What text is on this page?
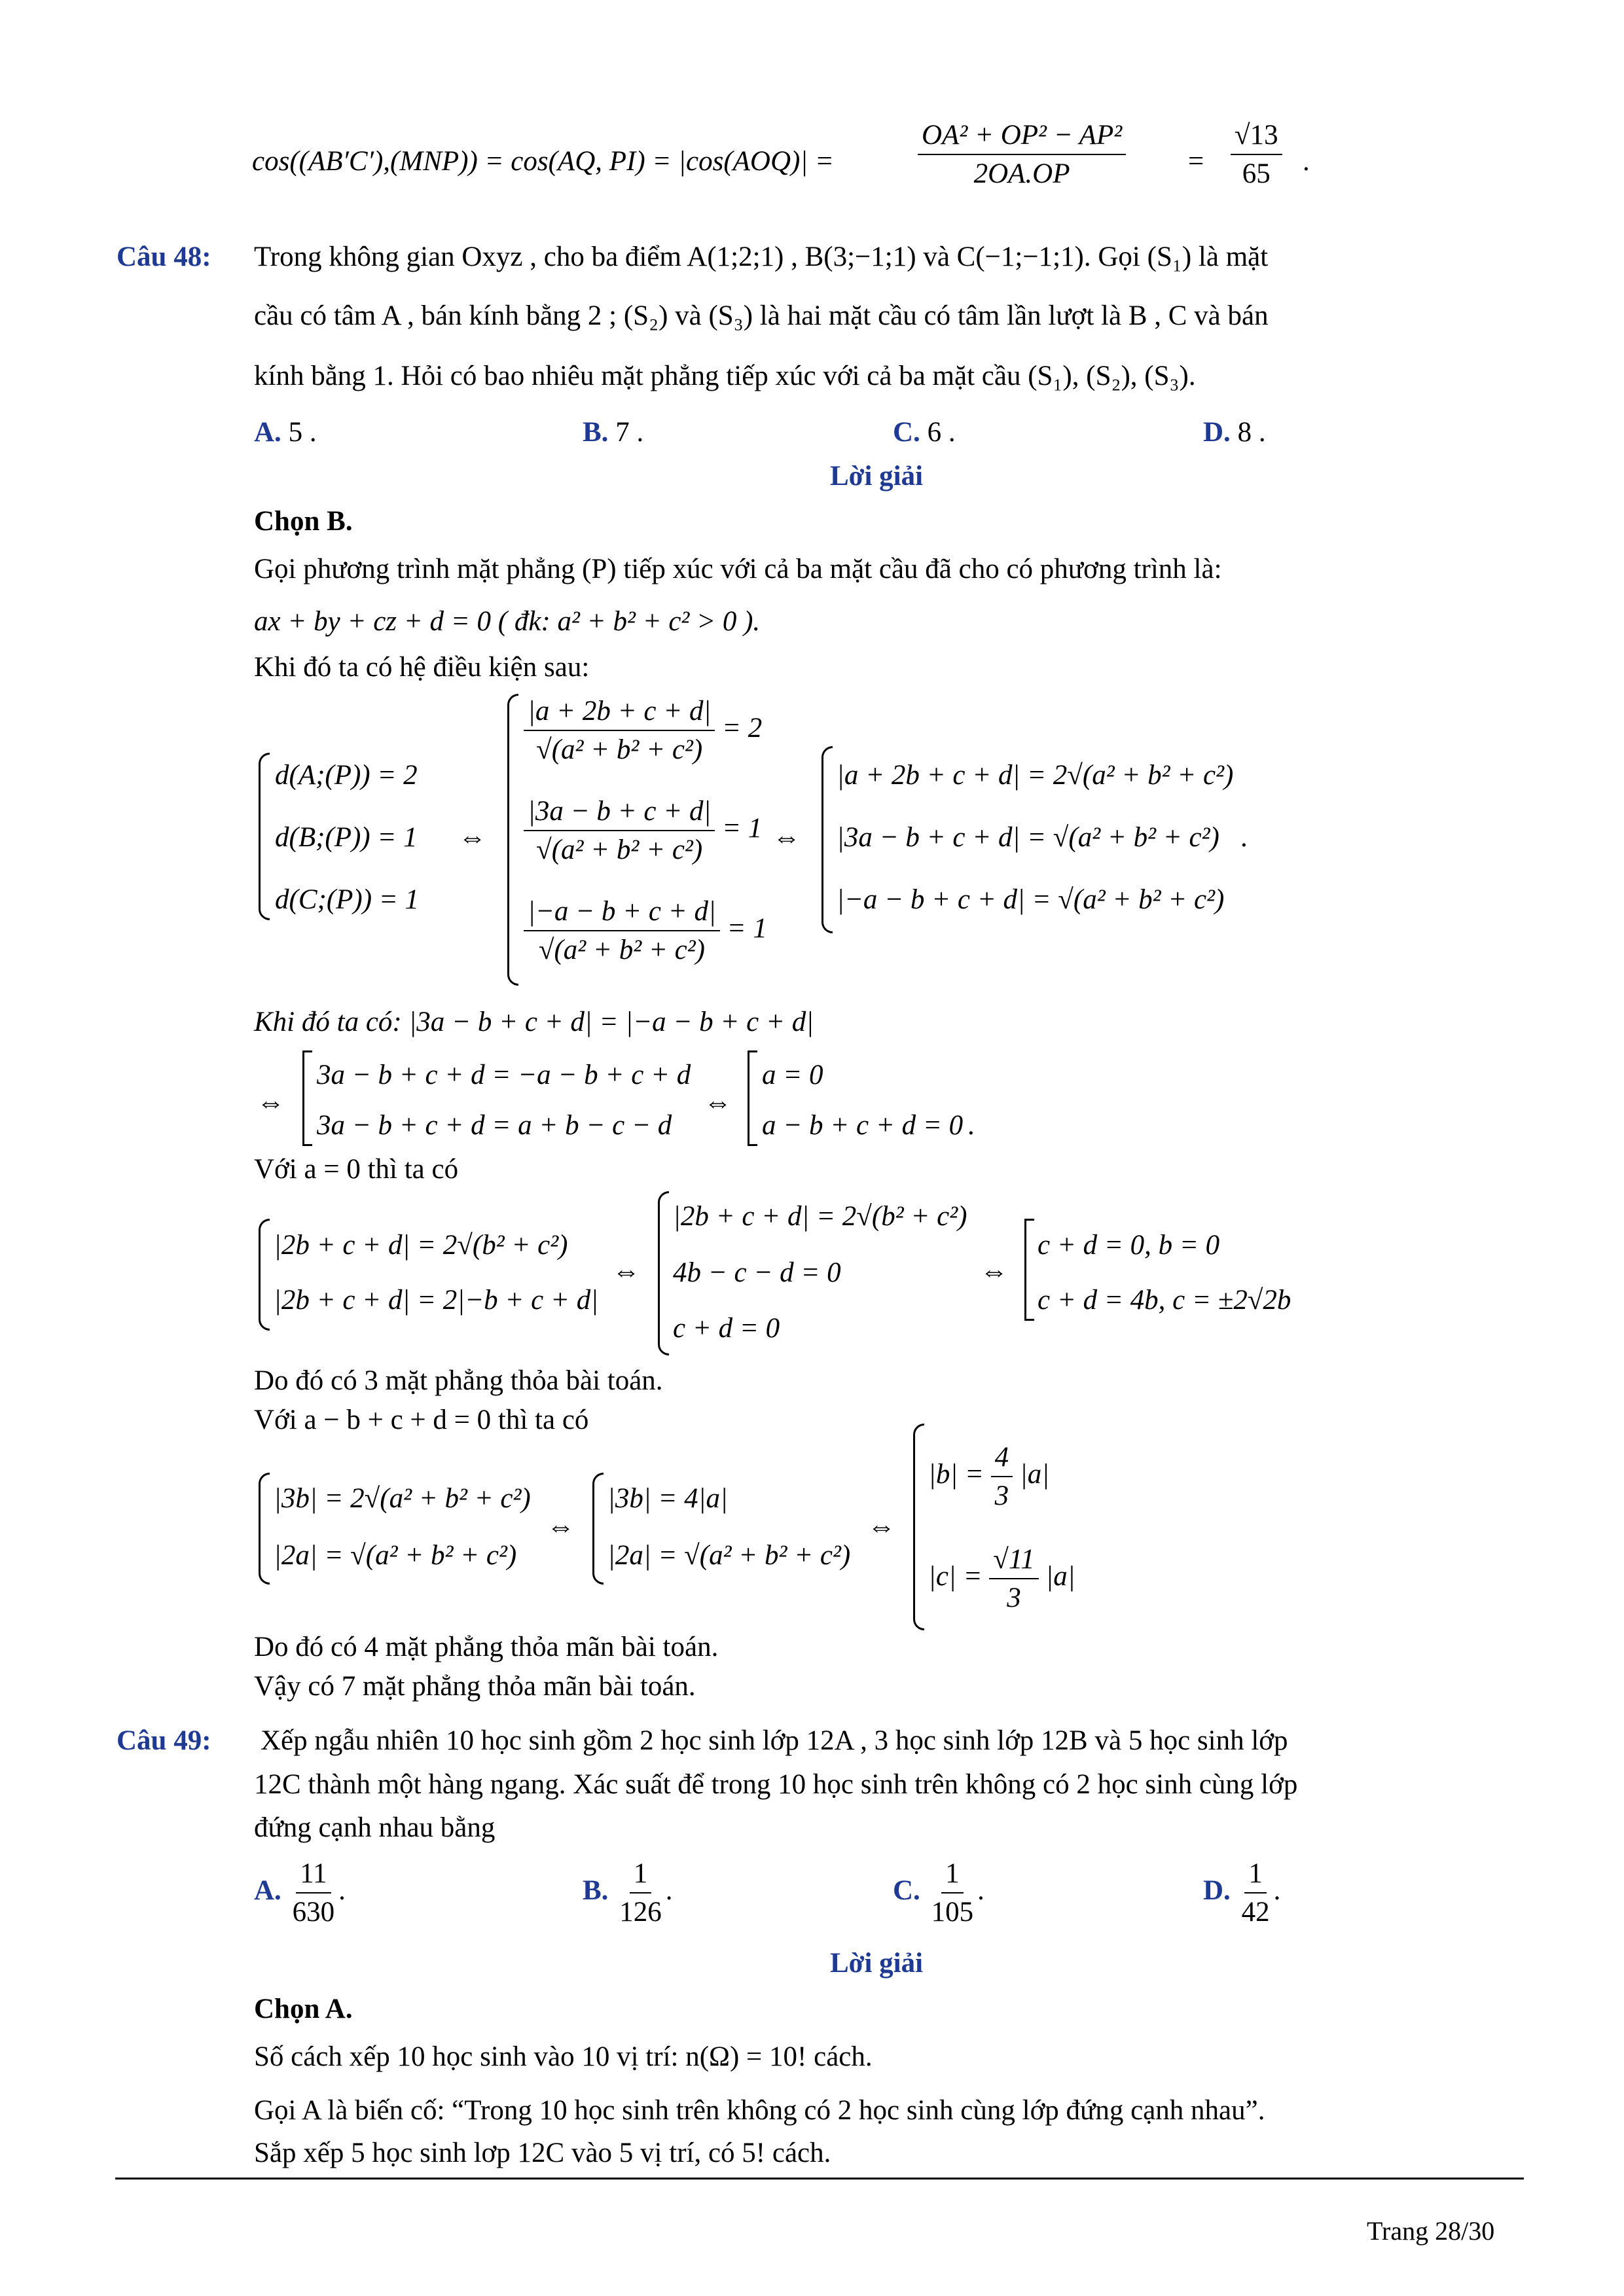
cos((AB′C′),(MNP)) = cos(AQ, PI) = |cos(AOQ)| =	$\frac{\text{OA² + OP² − AP²}}{2OA.OP} = \frac{√13}{65}$ .
Câu 48: Trong không gian Oxyz , cho ba điểm A(1;2;1) , B(3;−1;1) và C(−1;−1;1). Gọi (S₁) là mặt
cầu có tâm A , bán kính bằng 2 ; (S₂) và (S₃) là hai mặt cầu có tâm lần lượt là B , C và bán
kính bằng 1. Hỏi có bao nhiêu mặt phẳng tiếp xúc với cả ba mặt cầu (S₁), (S₂), (S₃).
A. 5 .	B. 7 .	C. 6 .	D. 8 .
Lời giải
Chọn B.
Gọi phương trình mặt phẳng (P) tiếp xúc với cả ba mặt cầu đã cho có phương trình là:
ax + by + cz + d = 0 ( đk: a² + b² + c² > 0 ).
Khi đó ta có hệ điều kiện sau:
d(A;(P)) = 2
d(B;(P)) = 1
d(C;(P)) = 1
⇔
$\frac{|a + 2b + c + d|}{\text{√(a² + b² + c²)}} = 2$
$\frac{|3a - b + c + d|}{\text{√(a² + b² + c²)}} = 1$
$\frac{|-a - b + c + d|}{\text{√(a² + b² + c²)}} = 1$
⇔
|a + 2b + c + d| = 2√(a² + b² + c²)
|3a − b + c + d| = √(a² + b² + c²)
|−a − b + c + d| = √(a² + b² + c²)
.
Khi đó ta có: |3a − b + c + d| = |−a − b + c + d|
⇔
3a − b + c + d = −a − b + c + d
3a − b + c + d = a + b − c − d
⇔
a = 0
a − b + c + d = 0 .
Với a = 0 thì ta có
|2b + c + d| = 2√(b² + c²)
|2b + c + d| = 2|−b + c + d|
⇔
|2b + c + d| = 2√(b² + c²)
4b − c − d = 0
c + d = 0
⇔
c + d = 0, b = 0
c + d = 4b, c = ±2√2b
Do đó có 3 mặt phẳng thỏa bài toán.
Với a − b + c + d = 0 thì ta có
|3b| = 2√(a² + b² + c²)
|2a| = √(a² + b² + c²)
⇔
|3b| = 4|a|
|2a| = √(a² + b² + c²)
⇔
$|b| = \frac{4}{3} |a|$
$|c| = \frac{√11}{3} |a|$
Do đó có 4 mặt phẳng thỏa mãn bài toán.
Vậy có 7 mặt phẳng thỏa mãn bài toán.
Câu 49: Xếp ngẫu nhiên 10 học sinh gồm 2 học sinh lớp 12A , 3 học sinh lớp 12B và 5 học sinh lớp
12C thành một hàng ngang. Xác suất để trong 10 học sinh trên không có 2 học sinh cùng lớp
đứng cạnh nhau bằng
A. $\frac{11}{630}$ .	B. $\frac{1}{126}$ .	C. $\frac{1}{105}$ .	D. $\frac{1}{42}$ .
Lời giải
Chọn A.
Số cách xếp 10 học sinh vào 10 vị trí: n(Ω) = 10! cách.
Gọi A là biến cố: “Trong 10 học sinh trên không có 2 học sinh cùng lớp đứng cạnh nhau”.
Sắp xếp 5 học sinh lơp 12C vào 5 vị trí, có 5! cách.
Trang 28/30
